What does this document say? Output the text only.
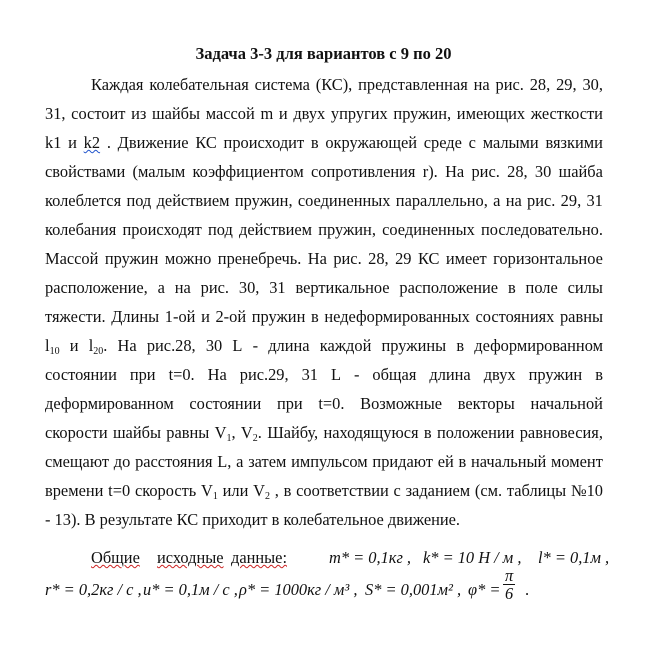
Задача 3-3 для вариантов с 9 по 20
Каждая колебательная система (КС), представленная на рис. 28, 29, 30,
31, состоит из шайбы массой m и двух упругих пружин, имеющих жесткости
k1 и k2 . Движение КС происходит в окружающей среде с малыми вязкими
свойствами (малым коэффициентом сопротивления r). На рис. 28, 30 шайба
колеблется под действием пружин, соединенных параллельно, а на рис. 29, 31
колебания происходят под действием пружин, соединенных последовательно.
Массой пружин можно пренебречь. На рис. 28, 29 КС имеет горизонтальное
расположение, а на рис. 30, 31 вертикальное расположение в поле силы
тяжести. Длины 1-ой и 2-ой пружин в недеформированных состояниях равны
$l_{10}$ и $l_{20}$. На рис.28, 30 L - длина каждой пружины в деформированном
состоянии при t=0. На рис.29, 31 L - общая длина двух пружин в
деформированном состоянии при t=0. Возможные векторы начальной
скорости шайбы равны $V_1$, $V_2$. Шайбу, находящуюся в положении равновесия,
смещают до расстояния L, а затем импульсом придают ей в начальный момент
времени t=0 скорость $V_1$ или $V_2$ , в соответствии с заданием (см. таблицы №10
- 13). В результате КС приходит в колебательное движение.
Общие исходные данные:	m* = 0,1кг , k* = 10 Н / м , l* = 0,1м ,
r* = 0,2кг / с , u* = 0,1м / с , ρ* = 1000кг / м³ , S* = 0,001м² , $\varphi* = \frac{\pi}{6}$ .
